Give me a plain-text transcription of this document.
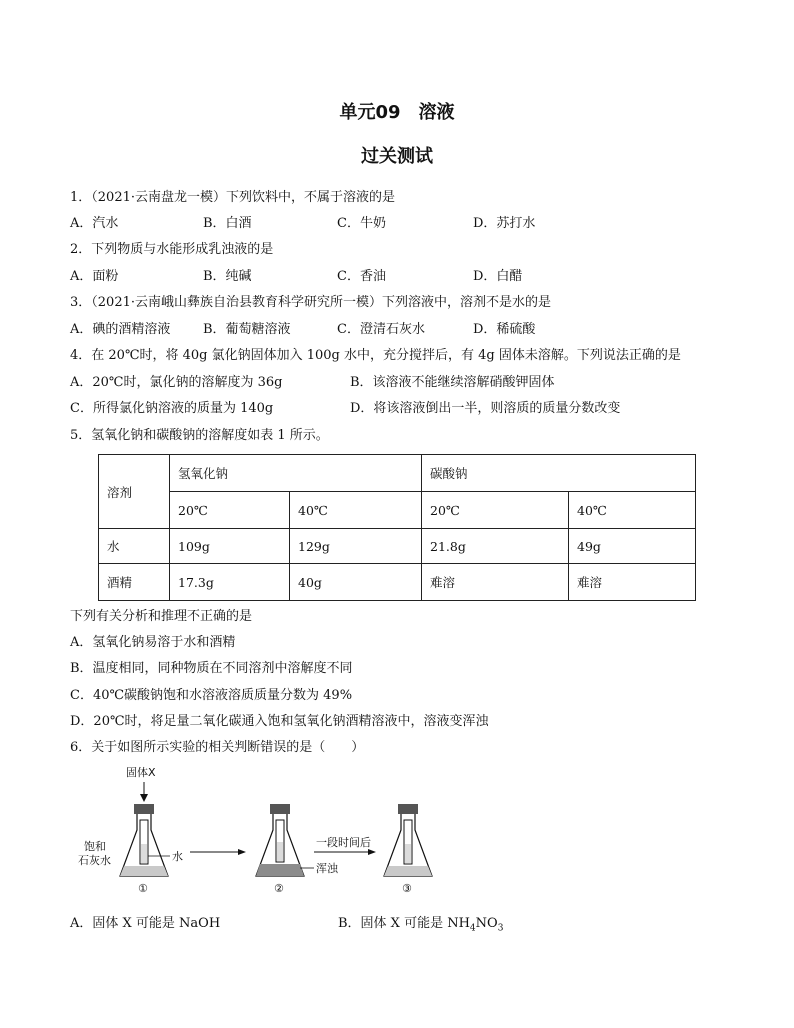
单元09　溶液
过关测试
1．（2021·云南盘龙一模）下列饮料中，不属于溶液的是
A．汽水	B．白酒	C．牛奶	D．苏打水
2．下列物质与水能形成乳浊液的是
A．面粉	B．纯碱	C．香油	D．白醋
3．（2021·云南峨山彝族自治县教育科学研究所一模）下列溶液中，溶剂不是水的是
A．碘的酒精溶液	B．葡萄糖溶液	C．澄清石灰水	D．稀硫酸
4．在 20℃时，将 40g 氯化钠固体加入 100g 水中，充分搅拌后，有 4g 固体未溶解。下列说法正确的是
A．20℃时，氯化钠的溶解度为 36g	B．该溶液不能继续溶解硝酸钾固体
C．所得氯化钠溶液的质量为 140g	D．将该溶液倒出一半，则溶质的质量分数改变
5．氢氧化钠和碳酸钠的溶解度如表 1 所示。
溶剂	氢氧化钠		碳酸钠	
	20℃	40℃	20℃	40℃
水	109g	129g	21.8g	49g
酒精	17.3g	40g	难溶	难溶
下列有关分析和推理不正确的是
A．氢氧化钠易溶于水和酒精
B．温度相同，同种物质在不同溶剂中溶解度不同
C．40℃碳酸钠饱和水溶液溶质质量分数为 49%
D．20℃时，将足量二氧化碳通入饱和氢氧化钠酒精溶液中，溶液变浑浊
6．关于如图所示实验的相关判断错误的是（　　）
固体X
水
①
饱和
石灰水
浑浊
②
一段时间后
③
A．固体 X 可能是 NaOH	B．固体 X 可能是 $NH_4NO_3$
